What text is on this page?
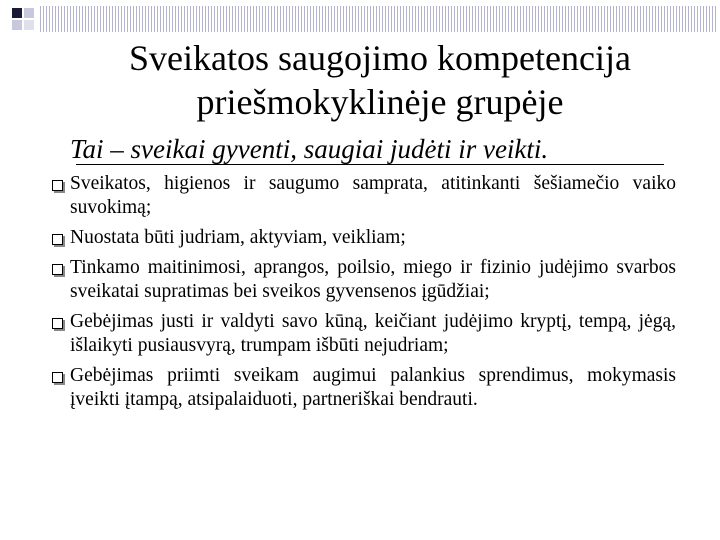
Sveikatos saugojimo kompetencija
priešmokyklinėje grupėje
Tai – sveikai gyventi, saugiai judėti ir veikti.
Sveikatos, higienos ir saugumo samprata, atitinkanti šešiamečio vaiko suvokimą;
Nuostata būti judriam, aktyviam, veikliam;
Tinkamo maitinimosi, aprangos, poilsio, miego ir fizinio judėjimo svarbos sveikatai supratimas bei sveikos gyvensenos įgūdžiai;
Gebėjimas justi ir valdyti savo kūną, keičiant judėjimo kryptį, tempą, jėgą, išlaikyti pusiausvyrą, trumpam išbūti nejudriam;
Gebėjimas priimti sveikam augimui palankius sprendimus, mokymasis įveikti įtampą, atsipalaiduoti, partneriškai bendrauti.
